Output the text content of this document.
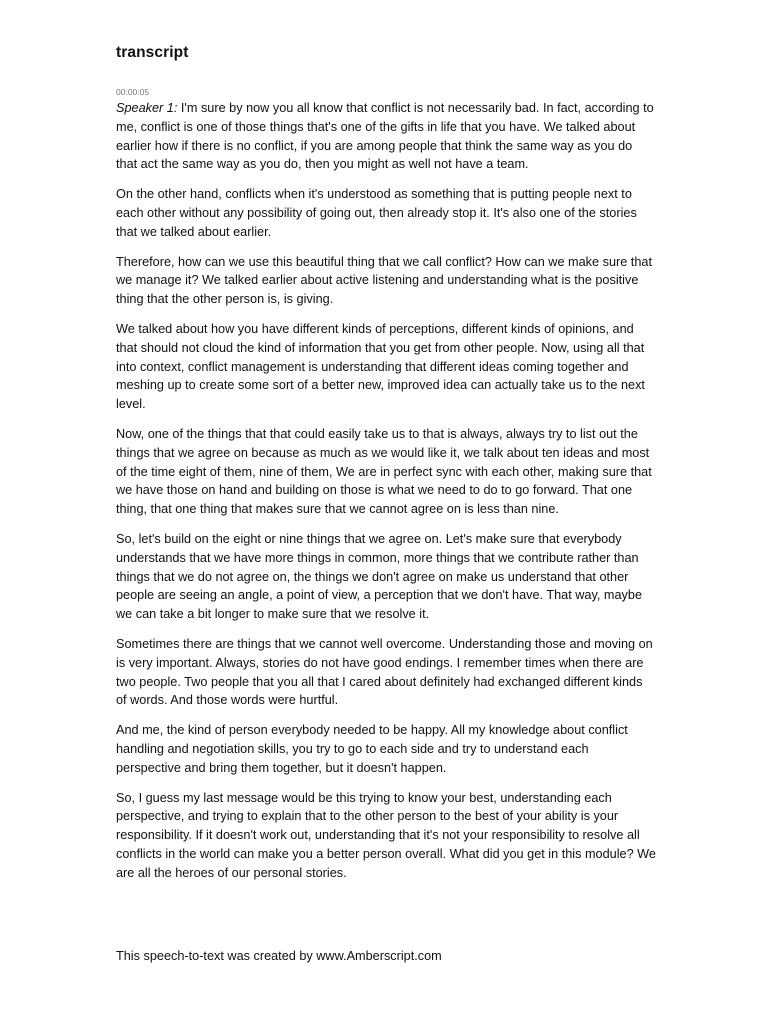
transcript
00:00:05

Speaker 1: I'm sure by now you all know that conflict is not necessarily bad. In fact, according to me, conflict is one of those things that's one of the gifts in life that you have. We talked about earlier how if there is no conflict, if you are among people that think the same way as you do that act the same way as you do, then you might as well not have a team.

On the other hand, conflicts when it's understood as something that is putting people next to each other without any possibility of going out, then already stop it. It's also one of the stories that we talked about earlier.

Therefore, how can we use this beautiful thing that we call conflict? How can we make sure that we manage it? We talked earlier about active listening and understanding what is the positive thing that the other person is, is giving.

We talked about how you have different kinds of perceptions, different kinds of opinions, and that should not cloud the kind of information that you get from other people. Now, using all that into context, conflict management is understanding that different ideas coming together and meshing up to create some sort of a better new, improved idea can actually take us to the next level.

Now, one of the things that that could easily take us to that is always, always try to list out the things that we agree on because as much as we would like it, we talk about ten ideas and most of the time eight of them, nine of them, We are in perfect sync with each other, making sure that we have those on hand and building on those is what we need to do to go forward. That one thing, that one thing that makes sure that we cannot agree on is less than nine.

So, let's build on the eight or nine things that we agree on. Let's make sure that everybody understands that we have more things in common, more things that we contribute rather than things that we do not agree on, the things we don't agree on make us understand that other people are seeing an angle, a point of view, a perception that we don't have. That way, maybe we can take a bit longer to make sure that we resolve it.

Sometimes there are things that we cannot well overcome. Understanding those and moving on is very important. Always, stories do not have good endings. I remember times when there are two people. Two people that you all that I cared about definitely had exchanged different kinds of words. And those words were hurtful.

And me, the kind of person everybody needed to be happy. All my knowledge about conflict handling and negotiation skills, you try to go to each side and try to understand each perspective and bring them together, but it doesn't happen.

So, I guess my last message would be this trying to know your best, understanding each perspective, and trying to explain that to the other person to the best of your ability is your responsibility. If it doesn't work out, understanding that it's not your responsibility to resolve all conflicts in the world can make you a better person overall. What did you get in this module? We are all the heroes of our personal stories.

This speech-to-text was created by www.Amberscript.com
